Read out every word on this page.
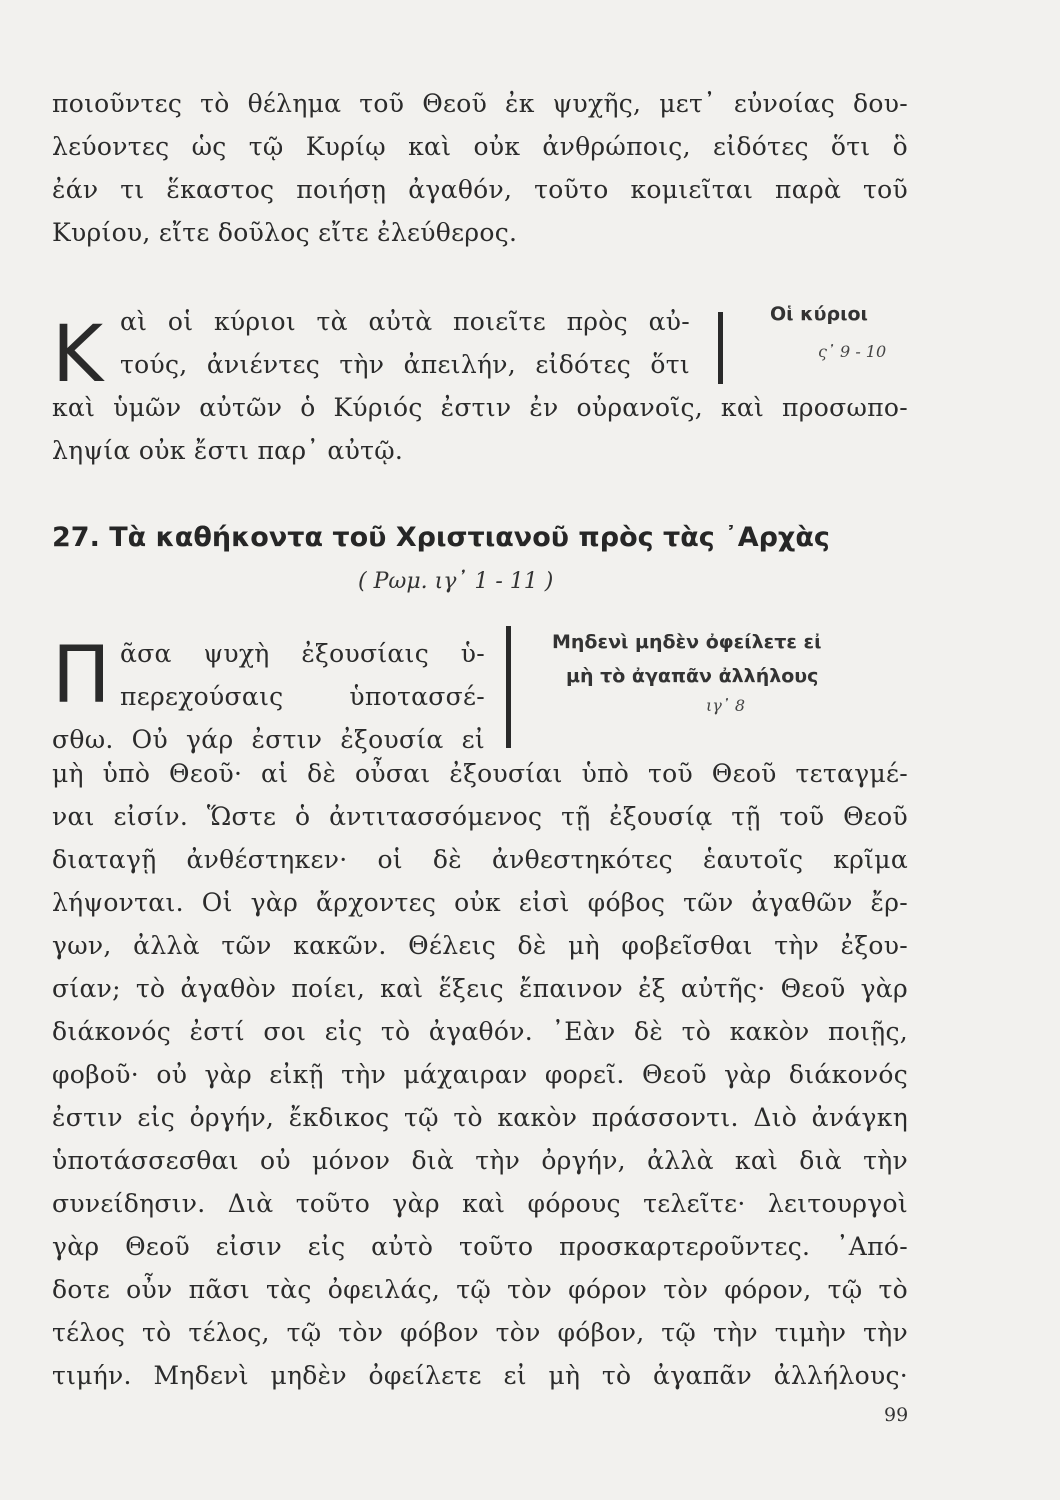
ποιοῦντες τὸ θέλημα τοῦ Θεοῦ ἐκ ψυχῆς, μετ᾽ εὐνοίας δου-
λεύοντες ὡς τῷ Κυρίῳ καὶ οὐκ ἀνθρώποις, εἰδότες ὅτι ὃ
ἐάν τι ἕκαστος ποιήσῃ ἀγαθόν, τοῦτο κομιεῖται παρὰ τοῦ
Κυρίου, εἴτε δοῦλος εἴτε ἐλεύθερος.
Κ αὶ οἱ κύριοι τὰ αὐτὰ ποιεῖτε πρὸς αὐ-
τούς, ἀνιέντες τὴν ἀπειλήν, εἰδότες ὅτι
Οἱ κύριοι
ς᾽ 9 - 10
καὶ ὑμῶν αὐτῶν ὁ Κύριός ἐστιν ἐν οὐρανοῖς, καὶ προσωπο-
ληψία οὐκ ἔστι παρ᾽ αὐτῷ.
27. Τὰ καθήκοντα τοῦ Χριστιανοῦ πρὸς τὰς ᾽Αρχὰς
( Ρωμ. ιγ᾽ 1 - 11 )
Π ᾶσα ψυχὴ ἐξουσίαις ὑ-
περεχούσαις ὑποτασσέ-
σθω. Οὐ γάρ ἐστιν ἐξουσία εἰ
Μηδενὶ μηδὲν ὀφείλετε εἰ
μὴ τὸ ἀγαπᾶν ἀλλήλους
ιγ᾽ 8
μὴ ὑπὸ Θεοῦ· αἱ δὲ οὖσαι ἐξουσίαι ὑπὸ τοῦ Θεοῦ τεταγμέ-
ναι εἰσίν. Ὥστε ὁ ἀντιτασσόμενος τῇ ἐξουσίᾳ τῇ τοῦ Θεοῦ
διαταγῇ ἀνθέστηκεν· οἱ δὲ ἀνθεστηκότες ἑαυτοῖς κρῖμα
λήψονται. Οἱ γὰρ ἄρχοντες οὐκ εἰσὶ φόβος τῶν ἀγαθῶν ἔρ-
γων, ἀλλὰ τῶν κακῶν. Θέλεις δὲ μὴ φοβεῖσθαι τὴν ἐξου-
σίαν; τὸ ἀγαθὸν ποίει, καὶ ἕξεις ἔπαινον ἐξ αὐτῆς· Θεοῦ γὰρ
διάκονός ἐστί σοι εἰς τὸ ἀγαθόν. ᾽Εὰν δὲ τὸ κακὸν ποιῇς,
φοβοῦ· οὐ γὰρ εἰκῇ τὴν μάχαιραν φορεῖ. Θεοῦ γὰρ διάκονός
ἐστιν εἰς ὀργήν, ἔκδικος τῷ τὸ κακὸν πράσσοντι. Διὸ ἀνάγκη
ὑποτάσσεσθαι οὐ μόνον διὰ τὴν ὀργήν, ἀλλὰ καὶ διὰ τὴν
συνείδησιν. Διὰ τοῦτο γὰρ καὶ φόρους τελεῖτε· λειτουργοὶ
γὰρ Θεοῦ εἰσιν εἰς αὐτὸ τοῦτο προσκαρτεροῦντες. ᾽Από-
δοτε οὖν πᾶσι τὰς ὀφειλάς, τῷ τὸν φόρον τὸν φόρον, τῷ τὸ
τέλος τὸ τέλος, τῷ τὸν φόβον τὸν φόβον, τῷ τὴν τιμὴν τὴν
τιμήν. Μηδενὶ μηδὲν ὀφείλετε εἰ μὴ τὸ ἀγαπᾶν ἀλλήλους·
99
